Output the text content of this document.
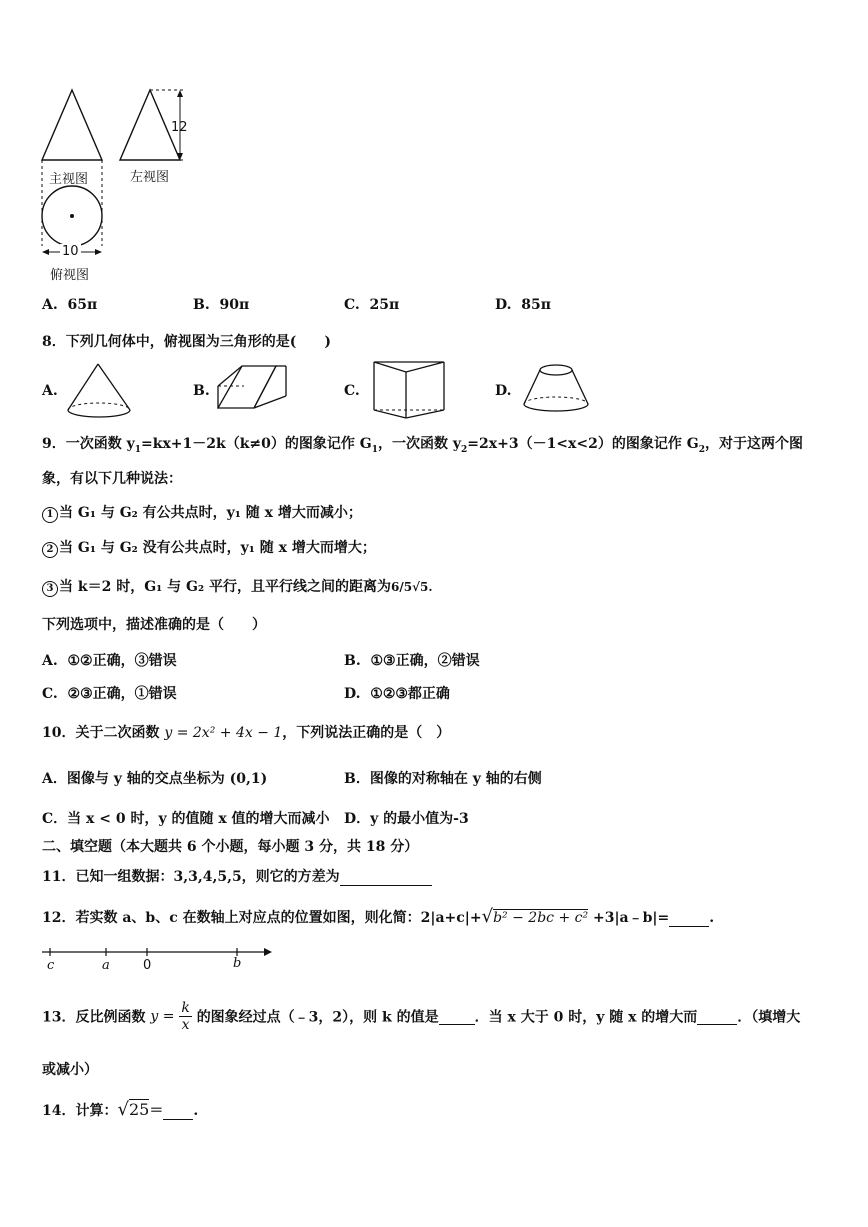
主视图	左视图
12
10
俯视图
A. 65π	B. 90π	C. 25π	D. 85π
8．下列几何体中，俯视图为三角形的是(　　)
A.	B.	C.	D.
9．一次函数 $y_1=kx+1-2k(k\ne 0)$的图象记作 $G_1$，一次函数 $y_2=2x+3(-1<x<2)$的图象记作 $G_2$，对于这两个图
象，有以下几种说法：
1 当 G₁ 与 G₂ 有公共点时，y₁ 随 x 增大而减小；
2 当 G₁ 与 G₂ 没有公共点时，y₁ 随 x 增大而增大；
3 当 k＝2 时，G₁ 与 G₂ 平行，且平行线之间的距离为6/5√5.
下列选项中，描述准确的是（　　）
A. ①②正确，③错误	B. ①③正确，②错误
C. ②③正确，①错误	D. ①②③都正确
10．关于二次函数 y = 2x² + 4x − 1，下列说法正确的是（　）
A．图像与 y 轴的交点坐标为 (0,1)	B．图像的对称轴在 y 轴的右侧
C．当 x < 0 时，y 的值随 x 值的增大而减小 D．y 的最小值为-3
二、填空题（本大题共 6 个小题，每小题 3 分，共 18 分）
11．已知一组数据：3,3,4,5,5，则它的方差为
12．若实数 a、b、c 在数轴上对应点的位置如图，则化简：2|a+c|+√b² − 2bc + c² +3|a﹣b|=	.
c	a	0	b
13．反比例函数 $y = \frac{k}{x}$ 的图象经过点（﹣3，2），则 k 的值是	．当 x 大于 0 时，y 随 x 的增大而	．（填增大
或减小）
14．计算：√25＝ .
